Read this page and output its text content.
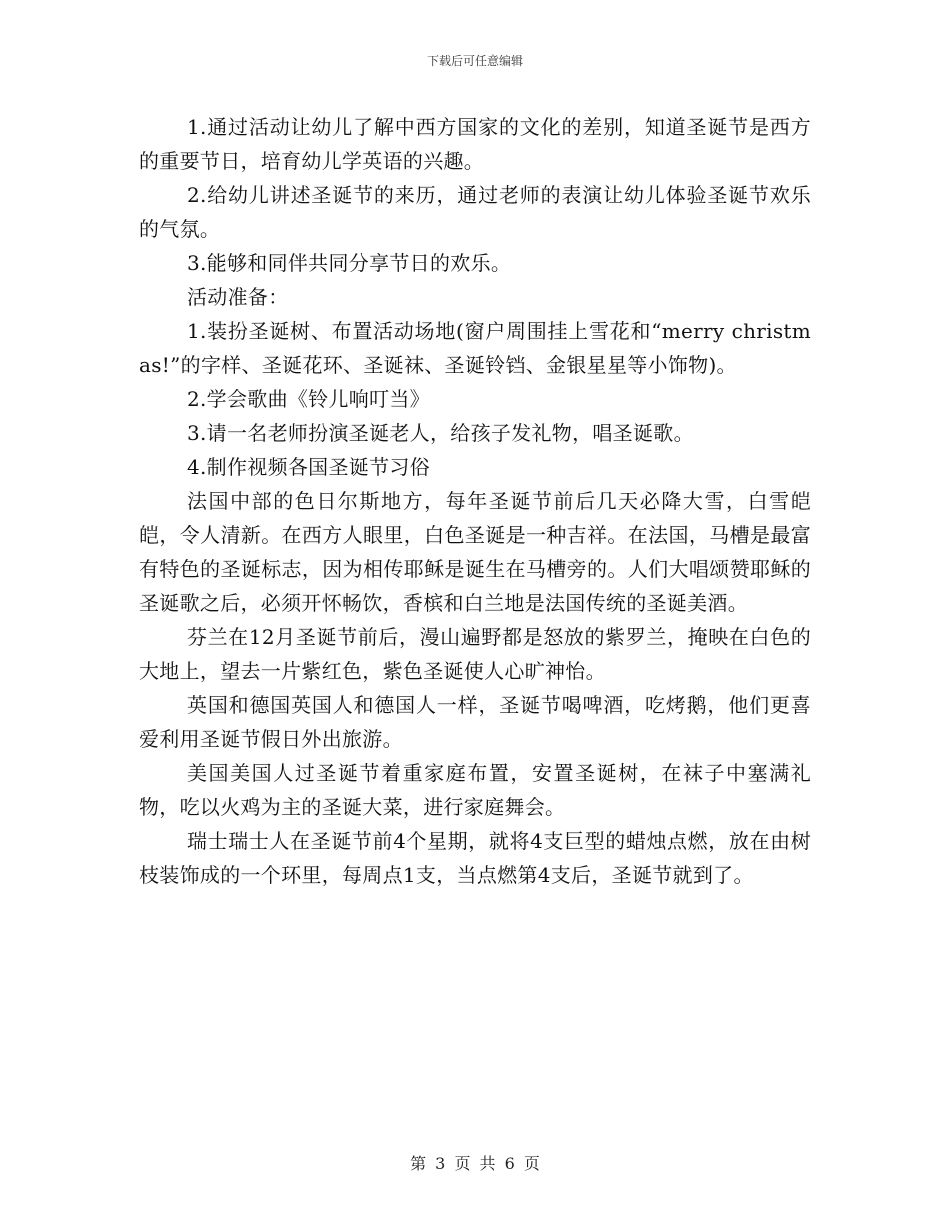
下载后可任意编辑

1.通过活动让幼儿了解中西方国家的文化的差别，知道圣诞节是西方的重要节日，培育幼儿学英语的兴趣。

2.给幼儿讲述圣诞节的来历，通过老师的表演让幼儿体验圣诞节欢乐的气氛。

3.能够和同伴共同分享节日的欢乐。

活动准备：

1.装扮圣诞树、布置活动场地(窗户周围挂上雪花和“merry christmas!”的字样、圣诞花环、圣诞袜、圣诞铃铛、金银星星等小饰物)。

2.学会歌曲《铃儿响叮当》

3.请一名老师扮演圣诞老人，给孩子发礼物，唱圣诞歌。

4.制作视频各国圣诞节习俗

法国中部的色日尔斯地方，每年圣诞节前后几天必降大雪，白雪皑皑，令人清新。在西方人眼里，白色圣诞是一种吉祥。在法国，马槽是最富有特色的圣诞标志，因为相传耶稣是诞生在马槽旁的。人们大唱颂赞耶稣的圣诞歌之后，必须开怀畅饮，香槟和白兰地是法国传统的圣诞美酒。

芬兰在12月圣诞节前后，漫山遍野都是怒放的紫罗兰，掩映在白色的大地上，望去一片紫红色，紫色圣诞使人心旷神怡。

英国和德国英国人和德国人一样，圣诞节喝啤酒，吃烤鹅，他们更喜爱利用圣诞节假日外出旅游。

美国美国人过圣诞节着重家庭布置，安置圣诞树，在袜子中塞满礼物，吃以火鸡为主的圣诞大菜，进行家庭舞会。

瑞士瑞士人在圣诞节前4个星期，就将4支巨型的蜡烛点燃，放在由树枝装饰成的一个环里，每周点1支，当点燃第4支后，圣诞节就到了。

第 3 页 共 6 页
